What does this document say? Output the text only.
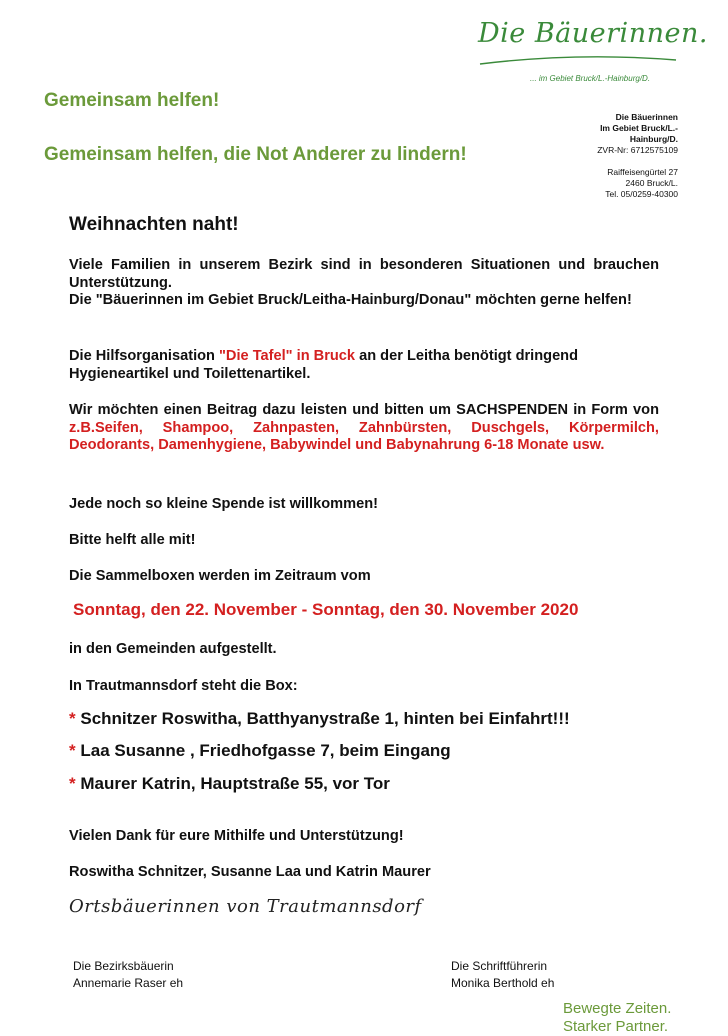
Die Bäuerinnen.
... im Gebiet Bruck/L.-Hainburg/D.
Gemeinsam helfen!
Gemeinsam helfen, die Not Anderer zu lindern!
Die Bäuerinnen
Im Gebiet Bruck/L.-
Hainburg/D.
ZVR-Nr: 6712575109
Raiffeisengürtel 27
2460 Bruck/L.
Tel. 05/0259-40300

Weihnachten naht!

Viele Familien in unserem Bezirk sind in besonderen Situationen und brauchen Unterstützung.

Die "Bäuerinnen im Gebiet Bruck/Leitha-Hainburg/Donau" möchten gerne helfen!

Die Hilfsorganisation "Die Tafel" in Bruck an der Leitha benötigt dringend Hygieneartikel und Toilettenartikel.

Wir möchten einen Beitrag dazu leisten und bitten um SACHSPENDEN in Form von z.B.Seifen, Shampoo, Zahnpasten, Zahnbürsten, Duschgels, Körpermilch, Deodorants, Damenhygiene, Babywindel und Babynahrung 6-18 Monate usw.

Jede noch so kleine Spende ist willkommen!
Bitte helft alle mit!
Die Sammelboxen werden im Zeitraum vom
Sonntag, den 22. November - Sonntag, den 30. November 2020
in den Gemeinden aufgestellt.
In Trautmannsdorf steht die Box:
* Schnitzer Roswitha, Batthyanystraße 1, hinten bei Einfahrt!!!
* Laa Susanne , Friedhofgasse 7, beim Eingang
* Maurer Katrin, Hauptstraße 55, vor Tor
Vielen Dank für eure Mithilfe und Unterstützung!
Roswitha Schnitzer, Susanne Laa und Katrin Maurer
Ortsbäuerinnen von Trautmannsdorf
Die Bezirksbäuerin
Annemarie Raser eh
Die Schriftführerin
Monika Berthold eh
Bewegte Zeiten.
Starker Partner.
